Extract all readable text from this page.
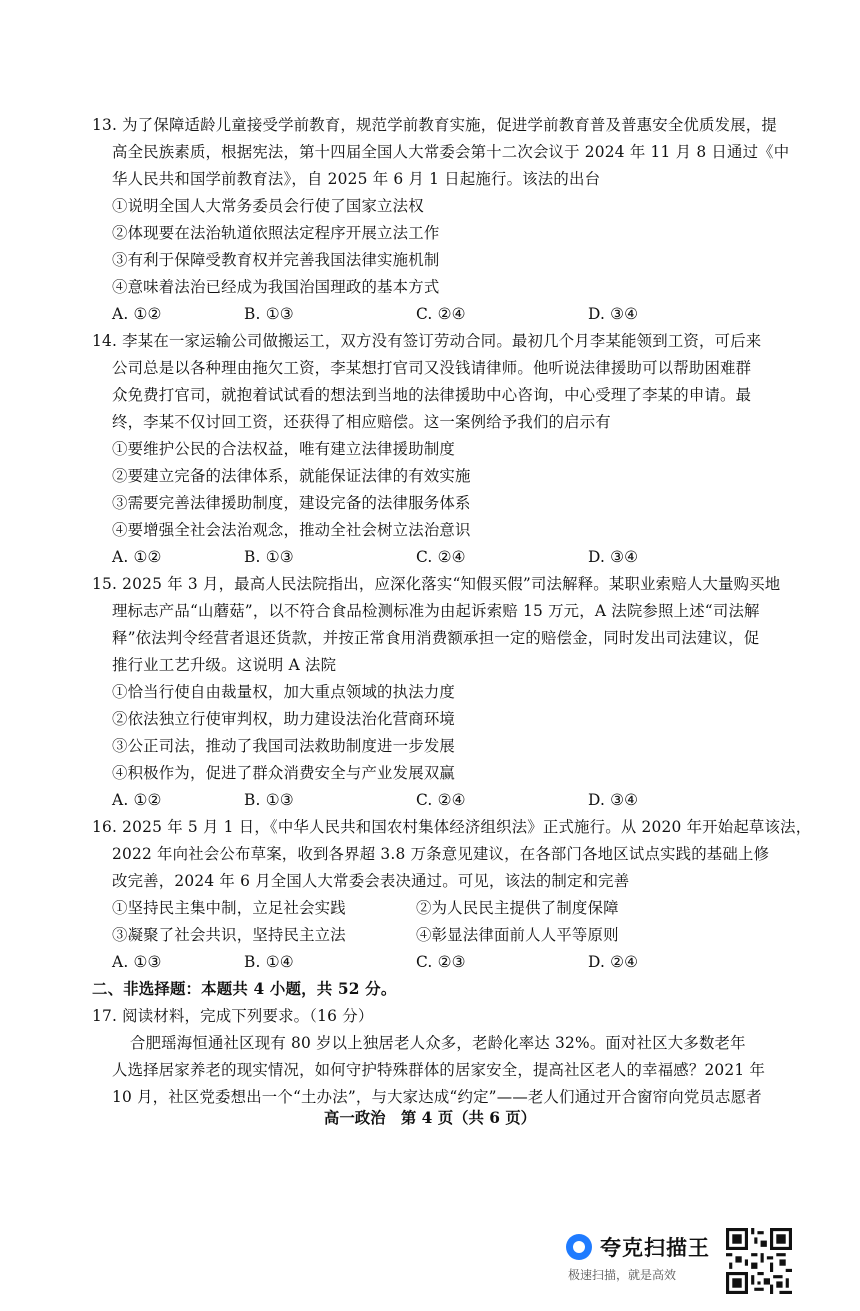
13. 为了保障适龄儿童接受学前教育，规范学前教育实施，促进学前教育普及普惠安全优质发展，提
高全民族素质，根据宪法，第十四届全国人大常委会第十二次会议于 2024 年 11 月 8 日通过《中
华人民共和国学前教育法》，自 2025 年 6 月 1 日起施行。该法的出台
①说明全国人大常务委员会行使了国家立法权
②体现要在法治轨道依照法定程序开展立法工作
③有利于保障受教育权并完善我国法律实施机制
④意味着法治已经成为我国治国理政的基本方式
A. ①②	B. ①③	C. ②④	D. ③④
14. 李某在一家运输公司做搬运工，双方没有签订劳动合同。最初几个月李某能领到工资，可后来
公司总是以各种理由拖欠工资，李某想打官司又没钱请律师。他听说法律援助可以帮助困难群
众免费打官司，就抱着试试看的想法到当地的法律援助中心咨询，中心受理了李某的申请。最
终，李某不仅讨回工资，还获得了相应赔偿。这一案例给予我们的启示有
①要维护公民的合法权益，唯有建立法律援助制度
②要建立完备的法律体系，就能保证法律的有效实施
③需要完善法律援助制度，建设完备的法律服务体系
④要增强全社会法治观念，推动全社会树立法治意识
A. ①②	B. ①③	C. ②④	D. ③④
15. 2025 年 3 月，最高人民法院指出，应深化落实“知假买假”司法解释。某职业索赔人大量购买地
理标志产品“山蘑菇”，以不符合食品检测标准为由起诉索赔 15 万元，A 法院参照上述“司法解
释”依法判令经营者退还货款，并按正常食用消费额承担一定的赔偿金，同时发出司法建议，促
推行业工艺升级。这说明 A 法院
①恰当行使自由裁量权，加大重点领域的执法力度
②依法独立行使审判权，助力建设法治化营商环境
③公正司法，推动了我国司法救助制度进一步发展
④积极作为，促进了群众消费安全与产业发展双赢
A. ①②	B. ①③	C. ②④	D. ③④
16. 2025 年 5 月 1 日，《中华人民共和国农村集体经济组织法》正式施行。从 2020 年开始起草该法，
2022 年向社会公布草案，收到各界超 3.8 万条意见建议，在各部门各地区试点实践的基础上修
改完善，2024 年 6 月全国人大常委会表决通过。可见，该法的制定和完善
①坚持民主集中制，立足社会实践	②为人民民主提供了制度保障
③凝聚了社会共识，坚持民主立法	④彰显法律面前人人平等原则
A. ①③	B. ①④	C. ②③	D. ②④
二、非选择题：本题共 4 小题，共 52 分。
17. 阅读材料，完成下列要求。（16 分）
合肥瑶海恒通社区现有 80 岁以上独居老人众多，老龄化率达 32%。面对社区大多数老年
人选择居家养老的现实情况，如何守护特殊群体的居家安全，提高社区老人的幸福感？2021 年
10 月，社区党委想出一个“土办法”，与大家达成“约定”——老人们通过开合窗帘向党员志愿者
高一政治　第 4 页（共 6 页）
夸克扫描王
极速扫描，就是高效
